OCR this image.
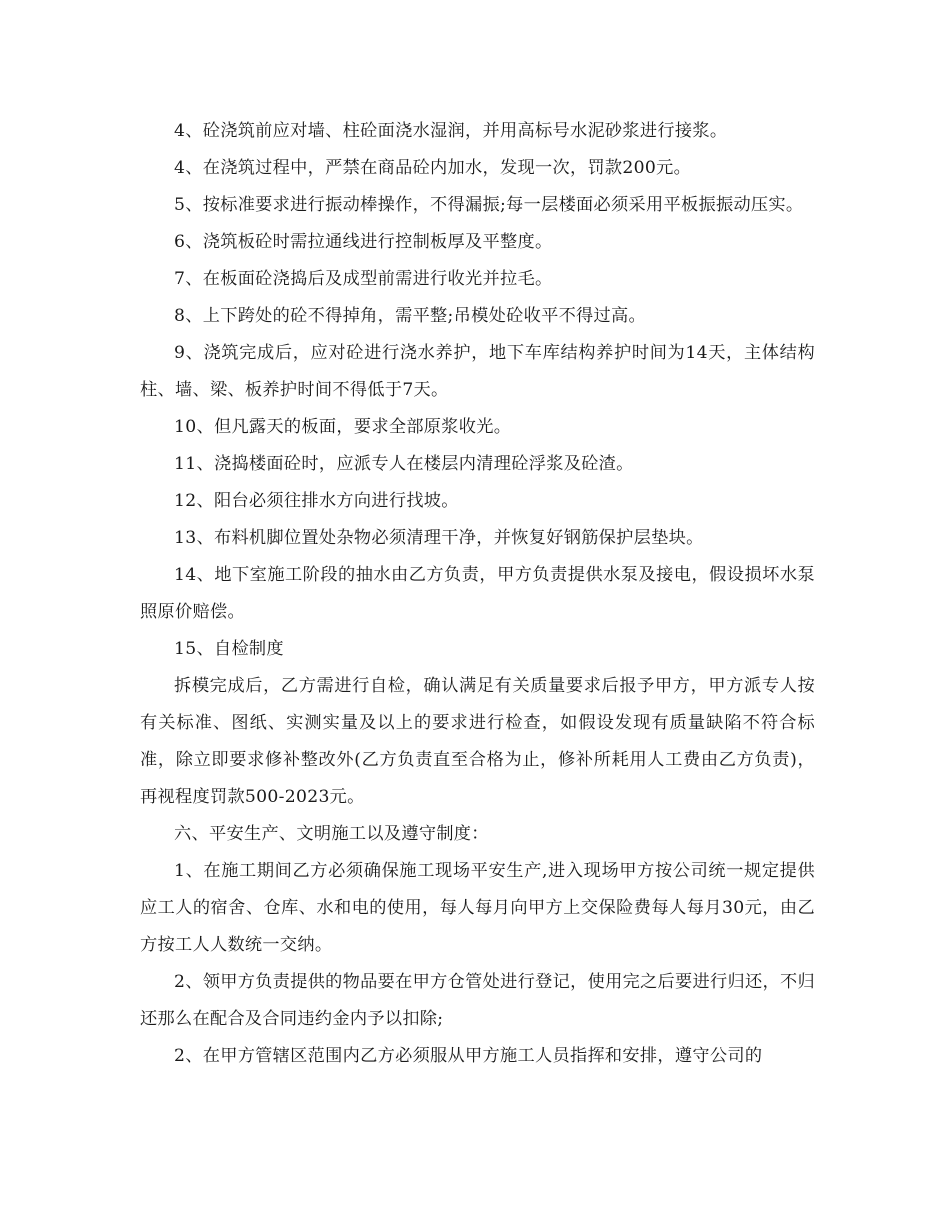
4、砼浇筑前应对墙、柱砼面浇水湿润，并用高标号水泥砂浆进行接浆。

4、在浇筑过程中，严禁在商品砼内加水，发现一次，罚款200元。

5、按标准要求进行振动棒操作，不得漏振;每一层楼面必须采用平板振振动压实。

6、浇筑板砼时需拉通线进行控制板厚及平整度。

7、在板面砼浇捣后及成型前需进行收光并拉毛。

8、上下跨处的砼不得掉角，需平整;吊模处砼收平不得过高。

9、浇筑完成后，应对砼进行浇水养护，地下车库结构养护时间为14天，主体结构柱、墙、梁、板养护时间不得低于7天。

10、但凡露天的板面，要求全部原浆收光。

11、浇捣楼面砼时，应派专人在楼层内清理砼浮浆及砼渣。

12、阳台必须往排水方向进行找坡。

13、布料机脚位置处杂物必须清理干净，并恢复好钢筋保护层垫块。

14、地下室施工阶段的抽水由乙方负责，甲方负责提供水泵及接电，假设损坏水泵照原价赔偿。

15、自检制度

拆模完成后，乙方需进行自检，确认满足有关质量要求后报予甲方，甲方派专人按有关标准、图纸、实测实量及以上的要求进行检查，如假设发现有质量缺陷不符合标准，除立即要求修补整改外(乙方负责直至合格为止，修补所耗用人工费由乙方负责)，再视程度罚款500-2023元。

六、平安生产、文明施工以及遵守制度：

1、在施工期间乙方必须确保施工现场平安生产,进入现场甲方按公司统一规定提供应工人的宿舍、仓库、水和电的使用，每人每月向甲方上交保险费每人每月30元，由乙方按工人人数统一交纳。

2、领甲方负责提供的物品要在甲方仓管处进行登记，使用完之后要进行归还，不归还那么在配合及合同违约金内予以扣除;

2、在甲方管辖区范围内乙方必须服从甲方施工人员指挥和安排，遵守公司的
